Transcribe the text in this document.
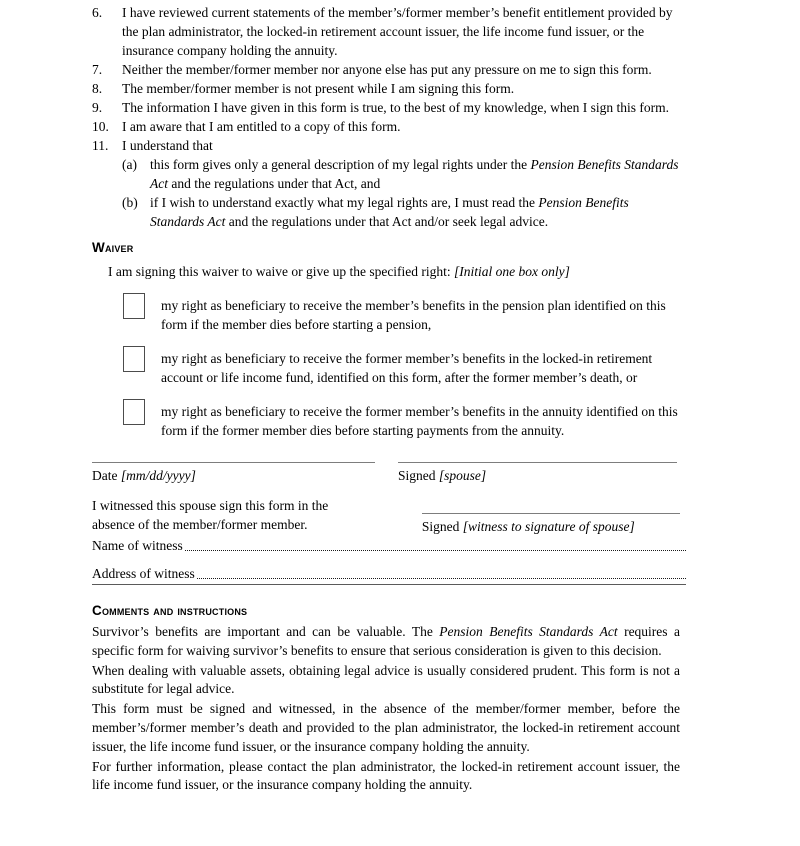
6.	I have reviewed current statements of the member’s/former member’s benefit entitlement provided by the plan administrator, the locked-in retirement account issuer, the life income fund issuer, or the insurance company holding the annuity.
7.	Neither the member/former member nor anyone else has put any pressure on me to sign this form.
8.	The member/former member is not present while I am signing this form.
9.	The information I have given in this form is true, to the best of my knowledge, when I sign this form.
10. I am aware that I am entitled to a copy of this form.
11.	I understand that
(a) this form gives only a general description of my legal rights under the Pension Benefits Standards Act and the regulations under that Act, and
(b) if I wish to understand exactly what my legal rights are, I must read the Pension Benefits Standards Act and the regulations under that Act and/or seek legal advice.
Waiver
I am signing this waiver to waive or give up the specified right: [Initial one box only]
my right as beneficiary to receive the member’s benefits in the pension plan identified on this form if the member dies before starting a pension,
my right as beneficiary to receive the former member’s benefits in the locked-in retirement account or life income fund, identified on this form, after the former member’s death, or
my right as beneficiary to receive the former member’s benefits in the annuity identified on this form if the former member dies before starting payments from the annuity.
Date [mm/dd/yyyy]	Signed [spouse]
I witnessed this spouse sign this form in the absence of the member/former member.	Signed [witness to signature of spouse]
Name of witness
Address of witness
Comments and instructions

Survivor’s benefits are important and can be valuable. The Pension Benefits Standards Act requires a specific form for waiving survivor’s benefits to ensure that serious consideration is given to this decision.

When dealing with valuable assets, obtaining legal advice is usually considered prudent. This form is not a substitute for legal advice.

This form must be signed and witnessed, in the absence of the member/former member, before the member’s/former member’s death and provided to the plan administrator, the locked-in retirement account issuer, the life income fund issuer, or the insurance company holding the annuity.

For further information, please contact the plan administrator, the locked-in retirement account issuer, the life income fund issuer, or the insurance company holding the annuity.
